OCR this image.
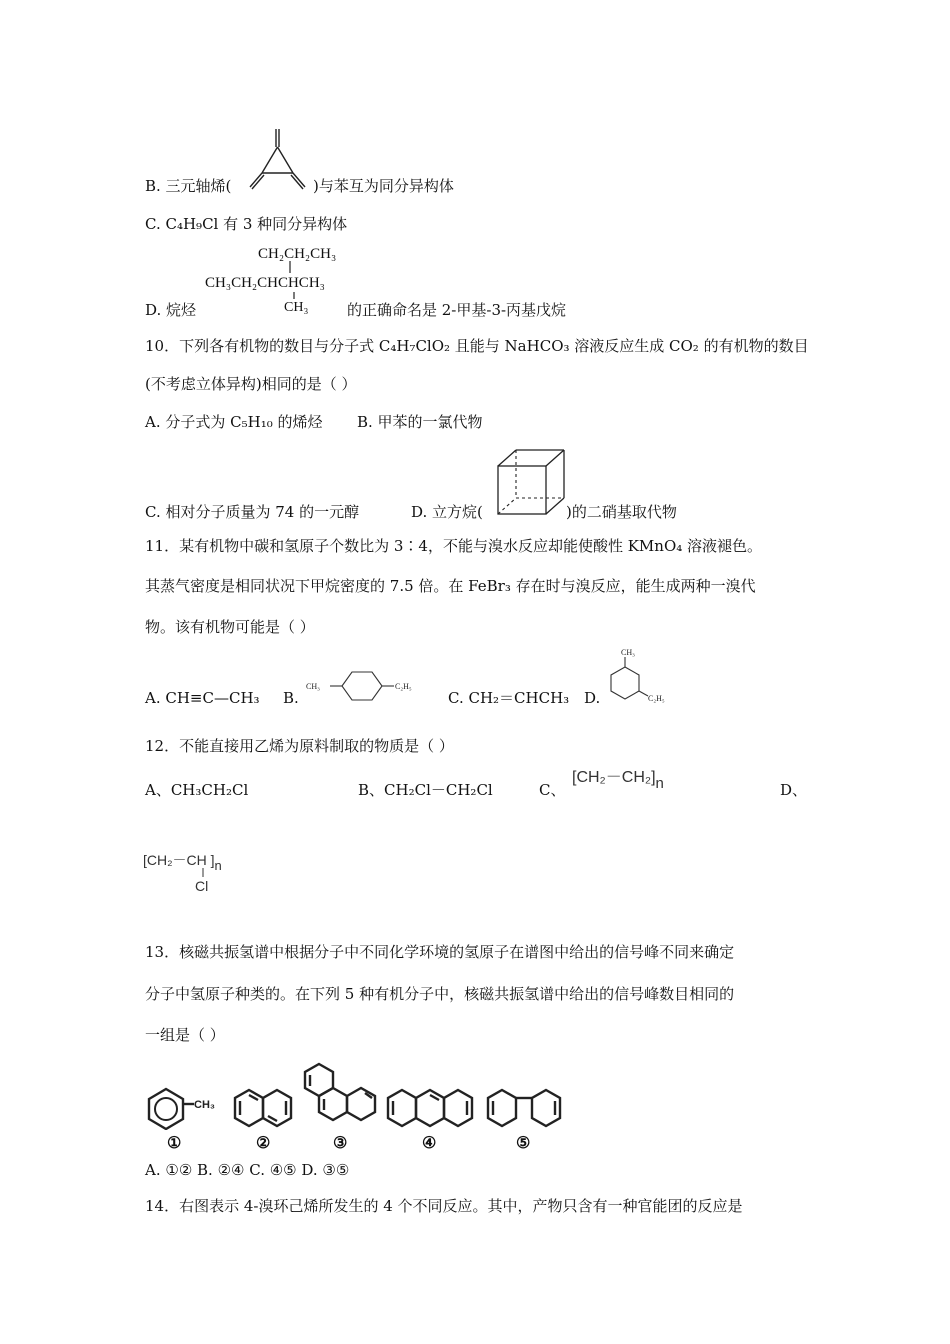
B. 三元轴烯(	)与苯互为同分异构体
C. C₄H₉Cl 有 3 种同分异构体
CH₂CH₂CH₃
CH₃CH₂CHCHCH₃
CH₃
D. 烷烃	的正确命名是 2-甲基-3-丙基戊烷
10．下列各有机物的数目与分子式 C₄H₇ClO₂ 且能与 NaHCO₃ 溶液反应生成 CO₂ 的有机物的数目
(不考虑立体异构)相同的是（ ）
A. 分子式为 C₅H₁₀ 的烯烃 B. 甲苯的一氯代物
C. 相对分子质量为 74 的一元醇	D. 立方烷(	)的二硝基取代物
11．某有机物中碳和氢原子个数比为 3∶4，不能与溴水反应却能使酸性 KMnO₄ 溶液褪色。
其蒸气密度是相同状况下甲烷密度的 7.5 倍。在 FeBr₃ 存在时与溴反应，能生成两种一溴代
物。该有机物可能是（ ）
A. CH≡C—CH₃ B.
CH₃	C₂H₅
C. CH₂＝CHCH₃ D.
CH₃
C₂H₅
12．不能直接用乙烯为原料制取的物质是（ ）
A、CH₃CH₂Cl	B、CH₂Cl－CH₂Cl	C、
[CH₂－CH₂]n	D、
[CH₂－CH ]n
Cl
13．核磁共振氢谱中根据分子中不同化学环境的氢原子在谱图中给出的信号峰不同来确定
分子中氢原子种类的。在下列 5 种有机分子中，核磁共振氢谱中给出的信号峰数目相同的
一组是（ ）
CH₃
①	②	③	④	⑤
A. ①② B. ②④ C. ④⑤ D. ③⑤
14．右图表示 4-溴环己烯所发生的 4 个不同反应。其中，产物只含有一种官能团的反应是
